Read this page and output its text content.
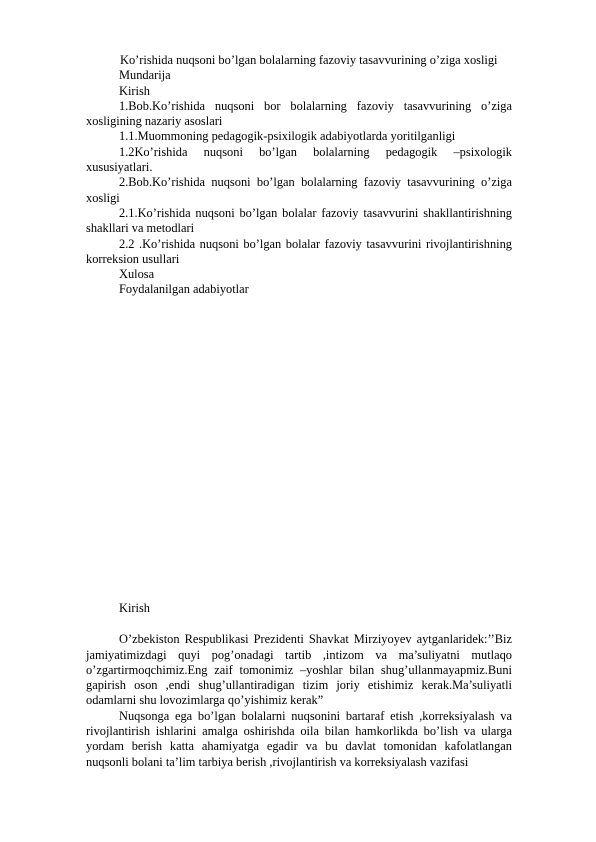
Ko’rishida nuqsoni bo’lgan bolalarning fazoviy tasavvurining o’ziga xosligi

Mundarija

Kirish

1.Bob.Ko’rishida nuqsoni bor bolalarning fazoviy tasavvurining o’ziga xosligining nazariy asoslari

1.1.Muommoning pedagogik-psixilogik adabiyotlarda yoritilganligi

1.2Ko’rishida nuqsoni bo’lgan bolalarning pedagogik –psixologik xususiyatlari.

2.Bob.Ko’rishida nuqsoni bo’lgan bolalarning fazoviy tasavvurining o’ziga xosligi

2.1.Ko’rishida nuqsoni bo’lgan bolalar fazoviy tasavvurini shakllantirishning shakllari va metodlari

2.2 .Ko’rishida nuqsoni bo’lgan bolalar fazoviy tasavvurini rivojlantirishning korreksion usullari

Xulosa

Foydalanilgan adabiyotlar

Kirish

O’zbekiston Respublikasi Prezidenti Shavkat Mirziyoyev aytganlaridek:’’Biz jamiyatimizdagi quyi pog’onadagi tartib ,intizom va ma’suliyatni mutlaqo o’zgartirmoqchimiz.Eng zaif tomonimiz –yoshlar bilan shug’ullanmayapmiz.Buni gapirish oson ,endi shug’ullantiradigan tizim joriy etishimiz kerak.Ma’suliyatli odamlarni shu lovozimlarga qo’yishimiz kerak”

Nuqsonga ega bo’lgan bolalarni nuqsonini bartaraf etish ,korreksiyalash va rivojlantirish ishlarini amalga oshirishda oila bilan hamkorlikda bo’lish va ularga yordam berish katta ahamiyatga egadir va bu davlat tomonidan kafolatlangan nuqsonli bolani ta’lim tarbiya berish ,rivojlantirish va korreksiyalash vazifasi
